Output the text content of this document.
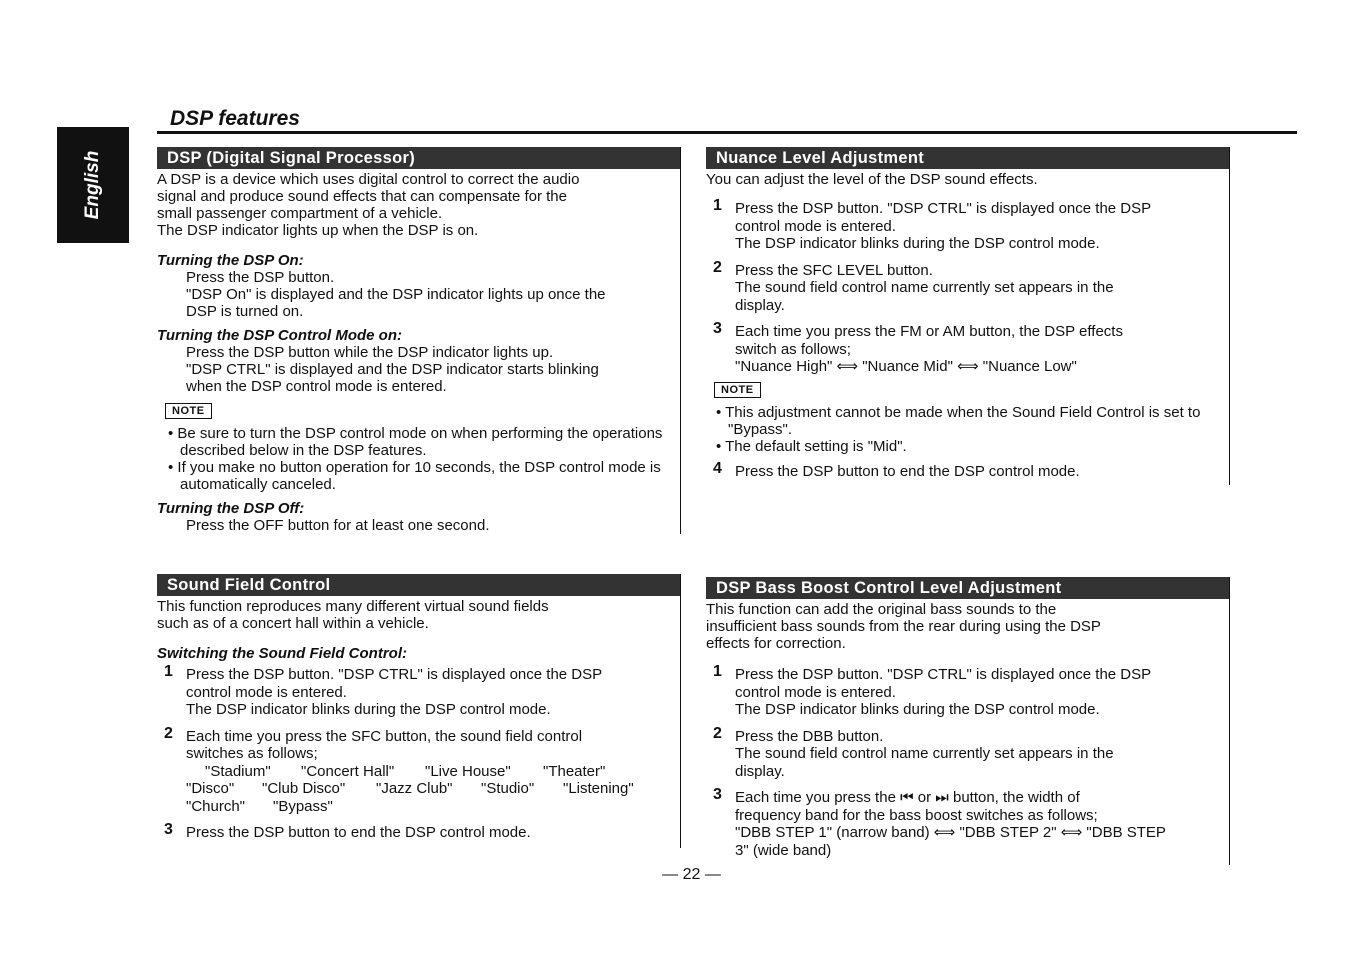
English
DSP features
DSP (Digital Signal Processor)

A DSP is a device which uses digital control to correct the audio

signal and produce sound effects that can compensate for the

small passenger compartment of a vehicle.

The DSP indicator lights up when the DSP is on.

Turning the DSP On:

Press the DSP button.

"DSP On" is displayed and the DSP indicator lights up once the

DSP is turned on.

Turning the DSP Control Mode on:

Press the DSP button while the DSP indicator lights up.

"DSP CTRL" is displayed and the DSP indicator starts blinking

when the DSP control mode is entered.

NOTE

• Be sure to turn the DSP control mode on when performing the operations described below in the DSP features.

• If you make no button operation for 10 seconds, the DSP control mode is automatically canceled.

Turning the DSP Off:

Press the OFF button for at least one second.

Nuance Level Adjustment

You can adjust the level of the DSP sound effects.

1 Press the DSP button. "DSP CTRL" is displayed once the DSP

control mode is entered.

The DSP indicator blinks during the DSP control mode.

2 Press the SFC LEVEL button.

The sound field control name currently set appears in the

display.

3 Each time you press the FM or AM button, the DSP effects

switch as follows;

"Nuance High" ⟺ "Nuance Mid" ⟺ "Nuance Low"

NOTE

• This adjustment cannot be made when the Sound Field Control is set to "Bypass".

• The default setting is "Mid".

4 Press the DSP button to end the DSP control mode.

Sound Field Control

This function reproduces many different virtual sound fields

such as of a concert hall within a vehicle.

Switching the Sound Field Control:
1 Press the DSP button. "DSP CTRL" is displayed once the DSP

control mode is entered.

The DSP indicator blinks during the DSP control mode.

2 Each time you press the SFC button, the sound field control

switches as follows;

"Stadium"	"Concert Hall"	"Live House"	"Theater"
"Disco"	"Club Disco"	"Jazz Club"	"Studio"	"Listening"
"Church"	"Bypass"
3 Press the DSP button to end the DSP control mode.

DSP Bass Boost Control Level Adjustment

This function can add the original bass sounds to the

insufficient bass sounds from the rear during using the DSP

effects for correction.

1 Press the DSP button. "DSP CTRL" is displayed once the DSP

control mode is entered.

The DSP indicator blinks during the DSP control mode.

2 Press the DBB button.

The sound field control name currently set appears in the

display.

3 Each time you press the ⏮ or ⏭ button, the width of

frequency band for the bass boost switches as follows;

"DBB STEP 1" (narrow band) ⟺ "DBB STEP 2" ⟺ "DBB STEP

3" (wide band)

— 22 —
